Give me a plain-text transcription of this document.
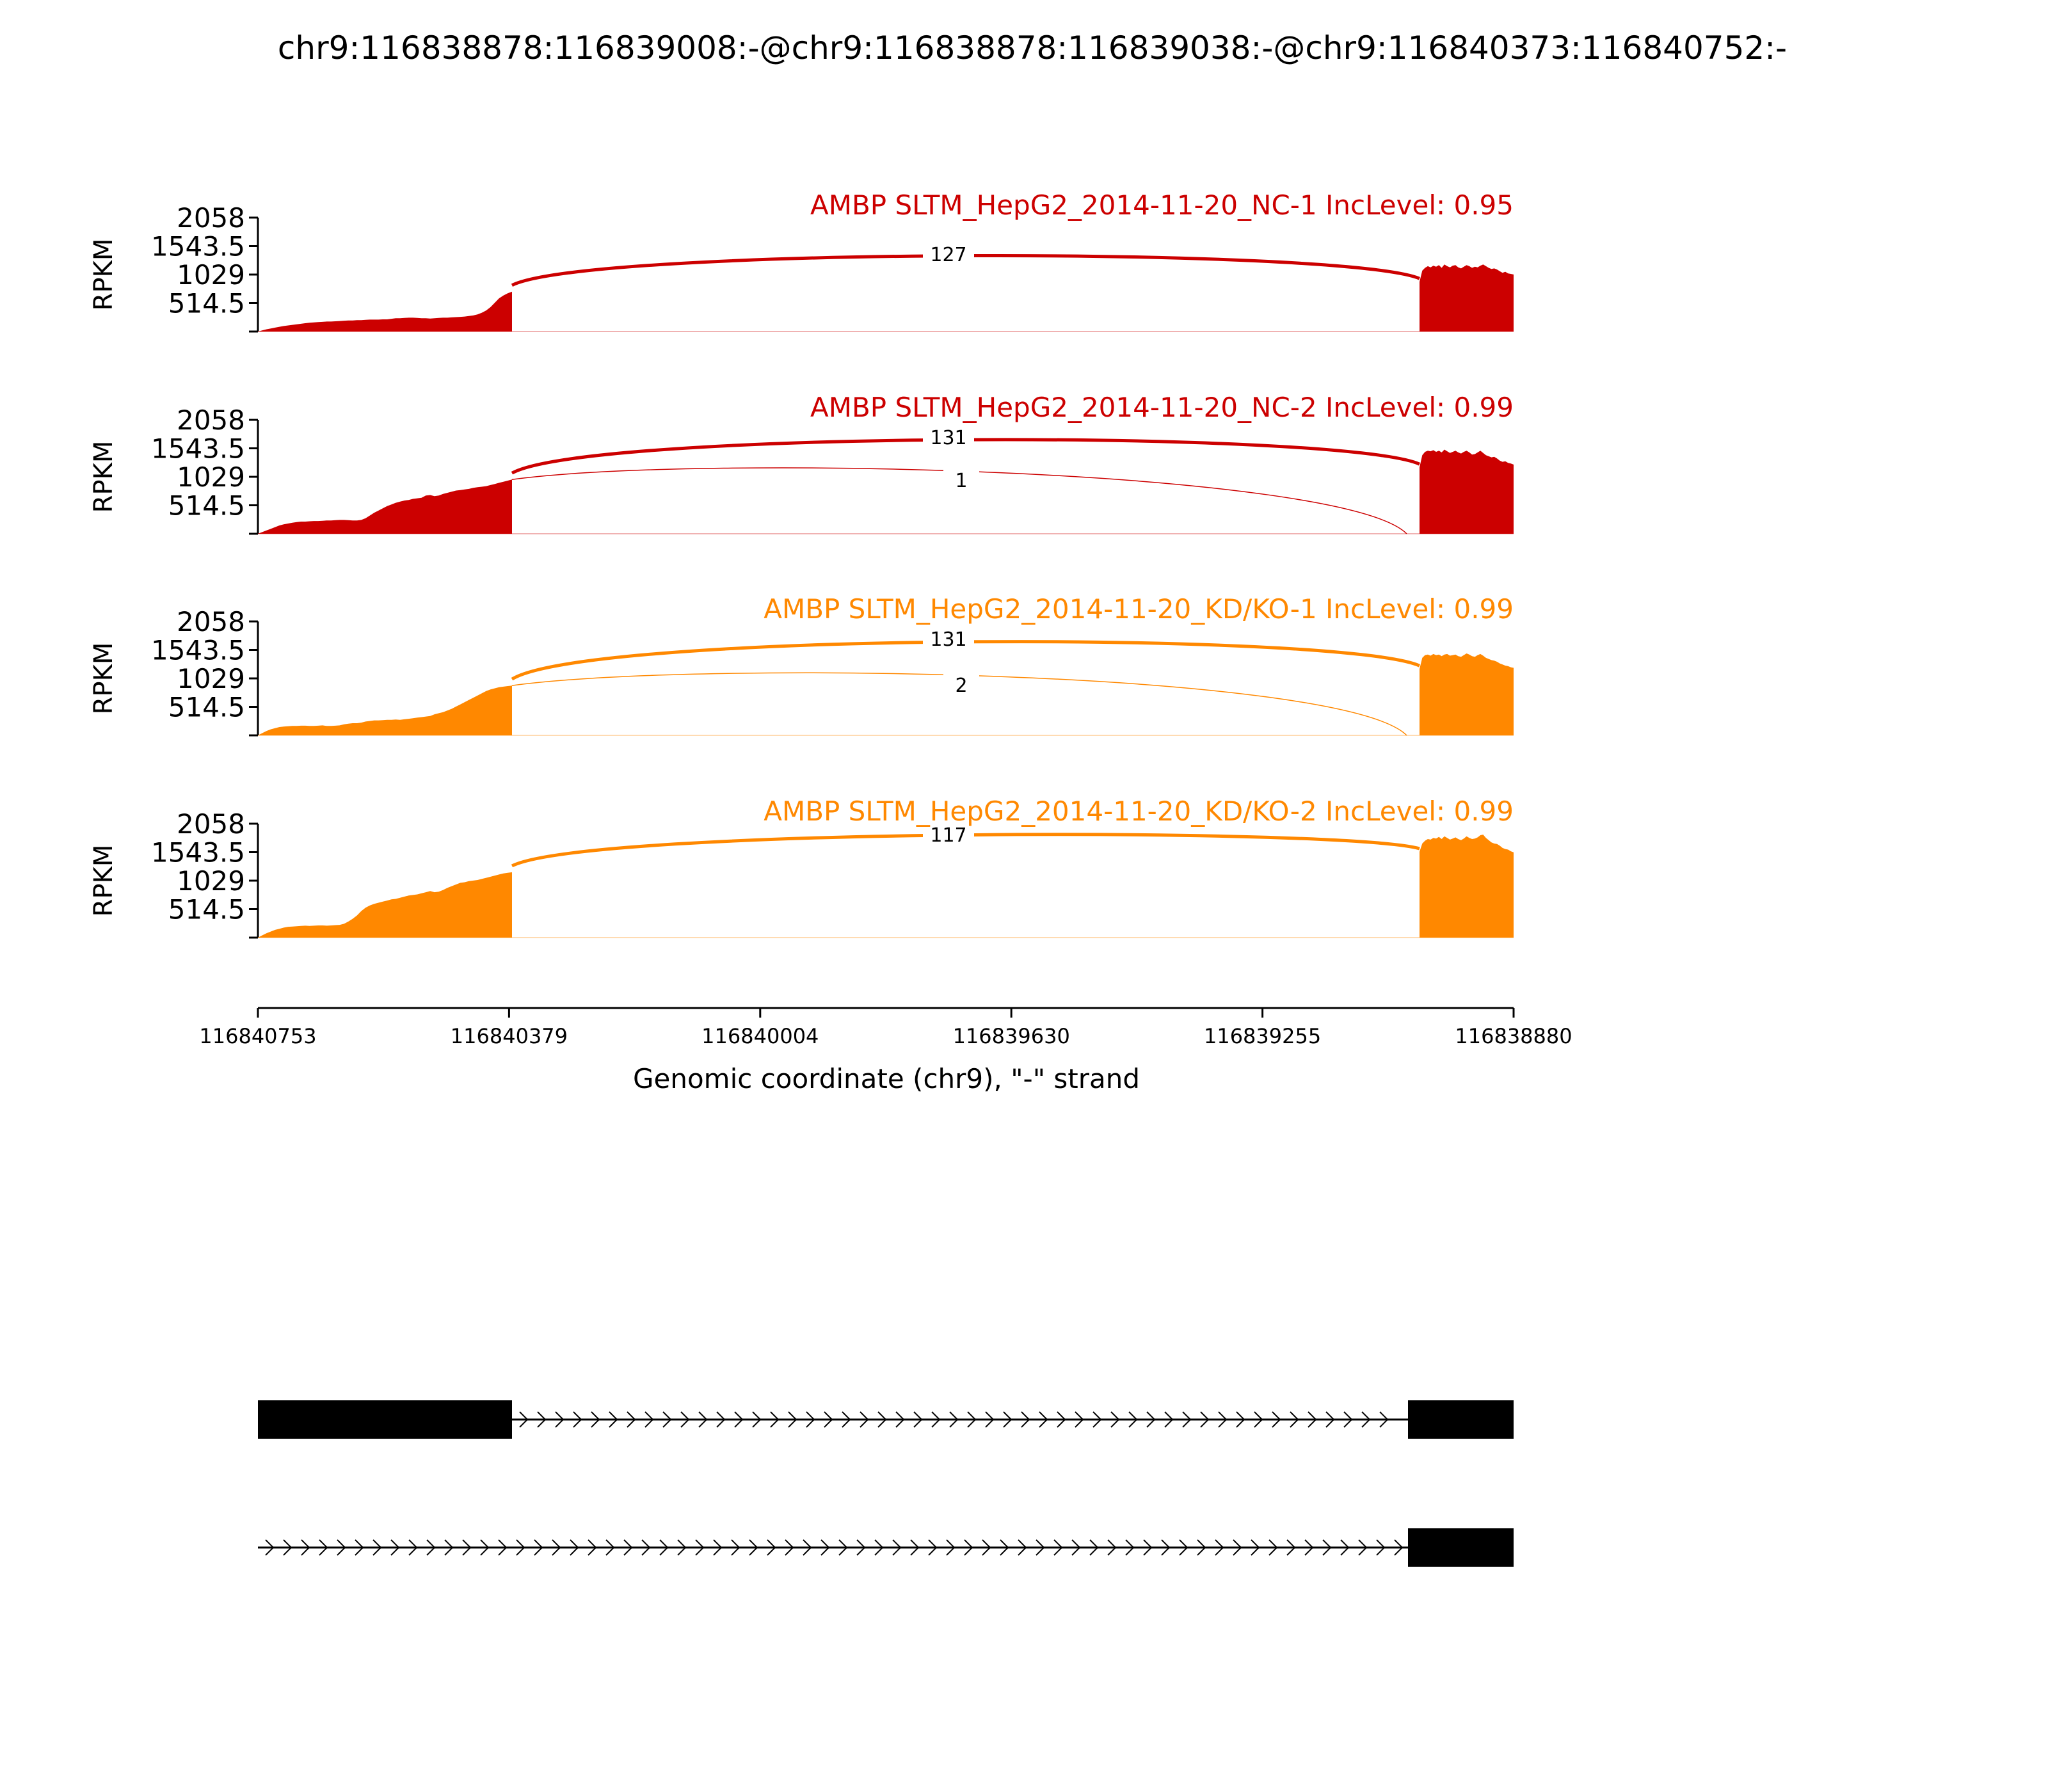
chr9:116838878:116839008:-@chr9:116838878:116839038:-@chr9:116840373:116840752:-
2058
1543.5
1029
514.5
RPKM	127
AMBP SLTM_HepG2_2014-11-20_NC-1 IncLevel: 0.95
2058
1543.5
1029
514.5
RPKM
131
1
AMBP SLTM_HepG2_2014-11-20_NC-2 IncLevel: 0.99
2058
1543.5
1029
514.5
RPKM
131
2
AMBP SLTM_HepG2_2014-11-20_KD/KO-1 IncLevel: 0.99
2058
1543.5
1029
514.5
RPKM
117
AMBP SLTM_HepG2_2014-11-20_KD/KO-2 IncLevel: 0.99
116840753	116840379	116840004	116839630	116839255	116838880
Genomic coordinate (chr9), "-" strand
